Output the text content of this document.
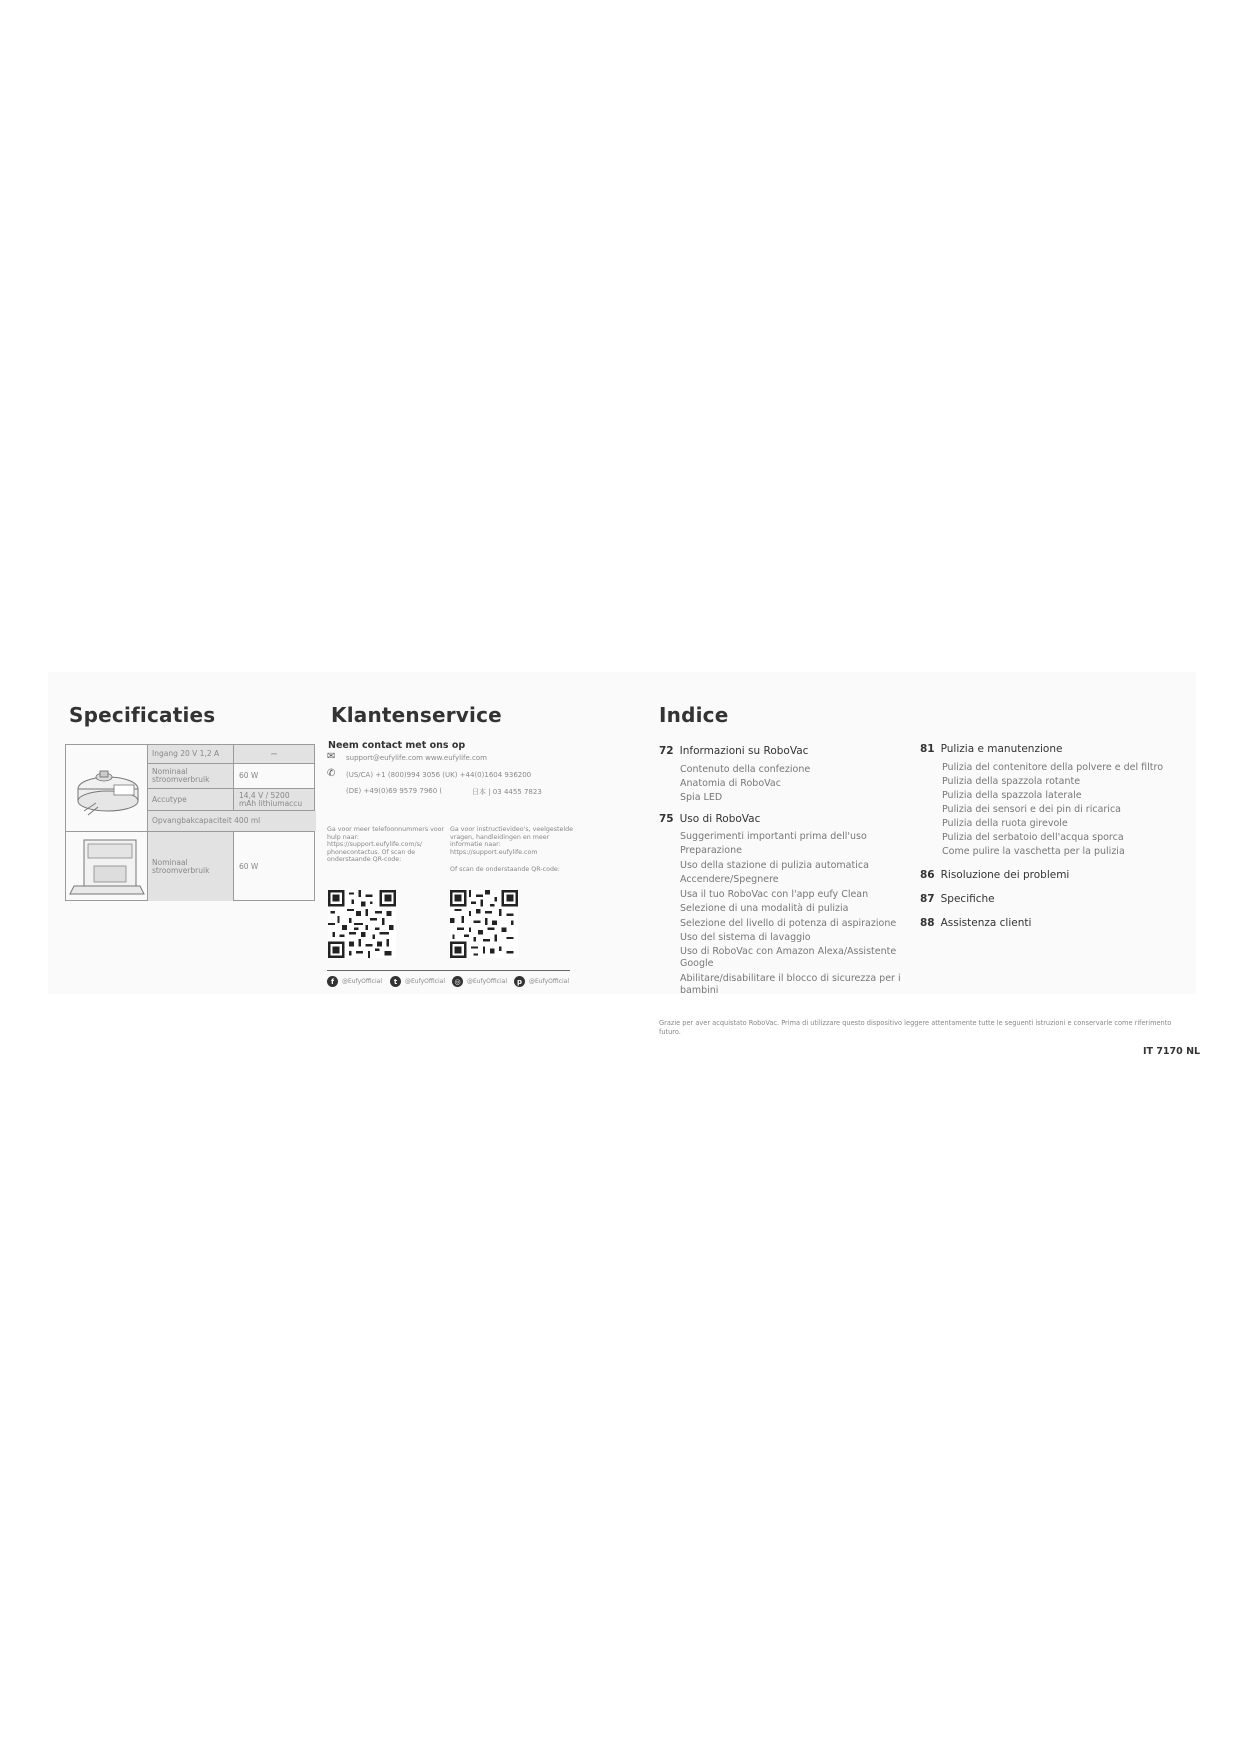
Specificaties
Ingang 20 V 1,2 A	⎓
Nominaal stroomverbruik	60 W
Accutype	14,4 V / 5200 mAh lithiumaccu
Opvangbakcapaciteit 400 ml
Nominaal stroomverbruik	60 W
Klantenservice
Neem contact met ons op
✉ support@eufylife.com www.eufylife.com
✆ (US/CA) +1 (800)994 3056 (UK) +44(0)1604 936200
(DE) +49(0)69 9579 7960 (	日本 | 03 4455 7823
Ga voor meer telefoonnummers voor hulp naar: https://support.eufylife.com/s/ phonecontactus. Of scan de onderstaande QR-code:
Ga voor instructievideo's, veelgestelde vragen, handleidingen en meer informatie naar: https://support.eufylife.com
Of scan de onderstaande QR-code:
f	@EufyOfficial	t	@EufyOfficial	◎	@EufyOfficial	p	@EufyOfficial
Indice
72 Informazioni su RoboVac
Contenuto della confezione
Anatomia di RoboVac
Spia LED
75 Uso di RoboVac
Suggerimenti importanti prima dell'uso
Preparazione
Uso della stazione di pulizia automatica
Accendere/Spegnere
Usa il tuo RoboVac con l'app eufy Clean
Selezione di una modalità di pulizia
Selezione del livello di potenza di aspirazione
Uso del sistema di lavaggio
Uso di RoboVac con Amazon Alexa/Assistente
Google
Abilitare/disabilitare il blocco di sicurezza per i
bambini
81 Pulizia e manutenzione
Pulizia del contenitore della polvere e del filtro
Pulizia della spazzola rotante
Pulizia della spazzola laterale
Pulizia dei sensori e dei pin di ricarica
Pulizia della ruota girevole
Pulizia del serbatoio dell'acqua sporca
Come pulire la vaschetta per la pulizia
86 Risoluzione dei problemi
87 Specifiche
88 Assistenza clienti
Grazie per aver acquistato RoboVac. Prima di utilizzare questo dispositivo leggere attentamente tutte le seguenti istruzioni e conservarle come riferimento futuro.
IT 7170 NL
